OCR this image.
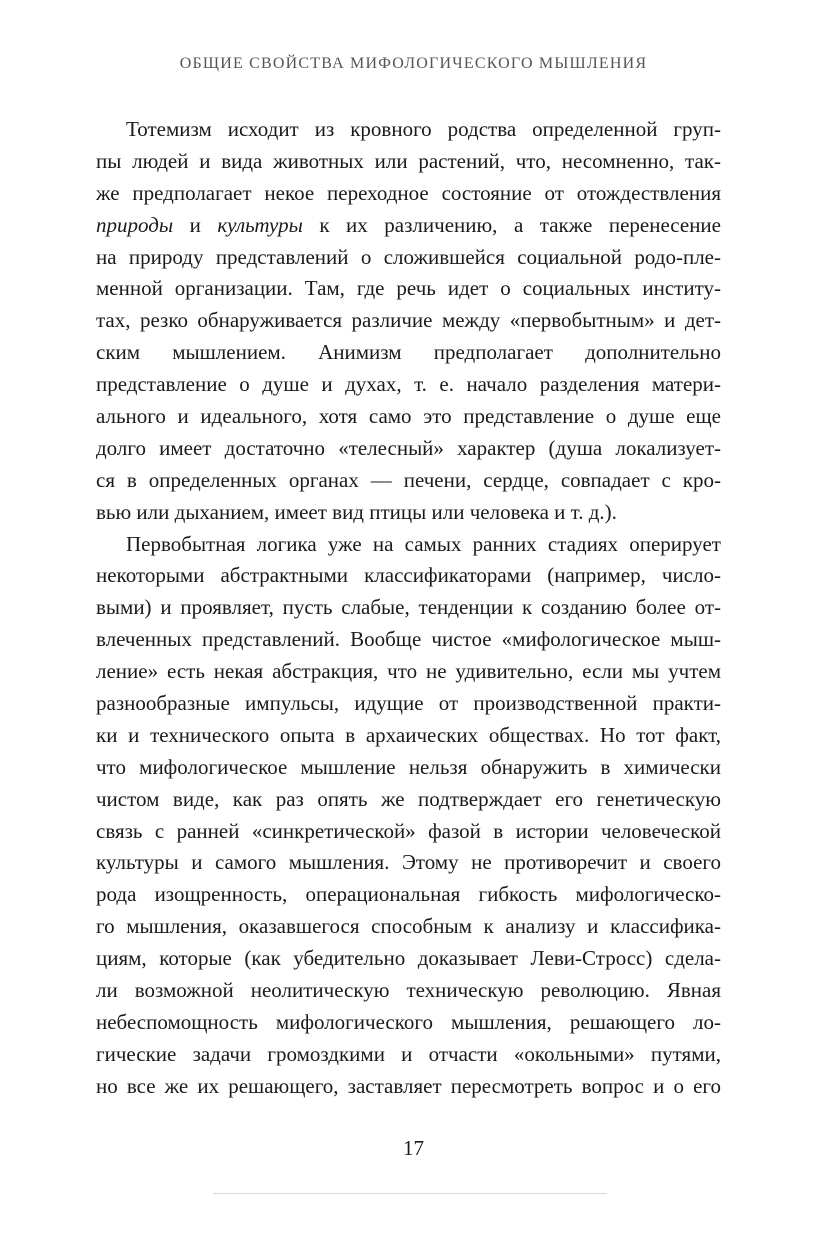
ОБЩИЕ СВОЙСТВА МИФОЛОГИЧЕСКОГО МЫШЛЕНИЯ
Тотемизм исходит из кровного родства определенной груп-
пы людей и вида животных или растений, что, несомненно, так-
же предполагает некое переходное состояние от отождествления
природы и культуры к их различению, а также перенесение
на природу представлений о сложившейся социальной родо-пле-
менной организации. Там, где речь идет о социальных институ-
тах, резко обнаруживается различие между «первобытным» и дет-
ским мышлением. Анимизм предполагает дополнительно
представление о душе и духах, т. е. начало разделения матери-
ального и идеального, хотя само это представление о душе еще
долго имеет достаточно «телесный» характер (душа локализует-
ся в определенных органах — печени, сердце, совпадает с кро-
вью или дыханием, имеет вид птицы или человека и т. д.).
Первобытная логика уже на самых ранних стадиях оперирует
некоторыми абстрактными классификаторами (например, число-
выми) и проявляет, пусть слабые, тенденции к созданию более от-
влеченных представлений. Вообще чистое «мифологическое мыш-
ление» есть некая абстракция, что не удивительно, если мы учтем
разнообразные импульсы, идущие от производственной практи-
ки и технического опыта в архаических обществах. Но тот факт,
что мифологическое мышление нельзя обнаружить в химически
чистом виде, как раз опять же подтверждает его генетическую
связь с ранней «синкретической» фазой в истории человеческой
культуры и самого мышления. Этому не противоречит и своего
рода изощренность, операциональная гибкость мифологическо-
го мышления, оказавшегося способным к анализу и классифика-
циям, которые (как убедительно доказывает Леви-Стросс) сдела-
ли возможной неолитическую техническую революцию. Явная
небеспомощность мифологического мышления, решающего ло-
гические задачи громоздкими и отчасти «окольными» путями,
но все же их решающего, заставляет пересмотреть вопрос и о его
17
